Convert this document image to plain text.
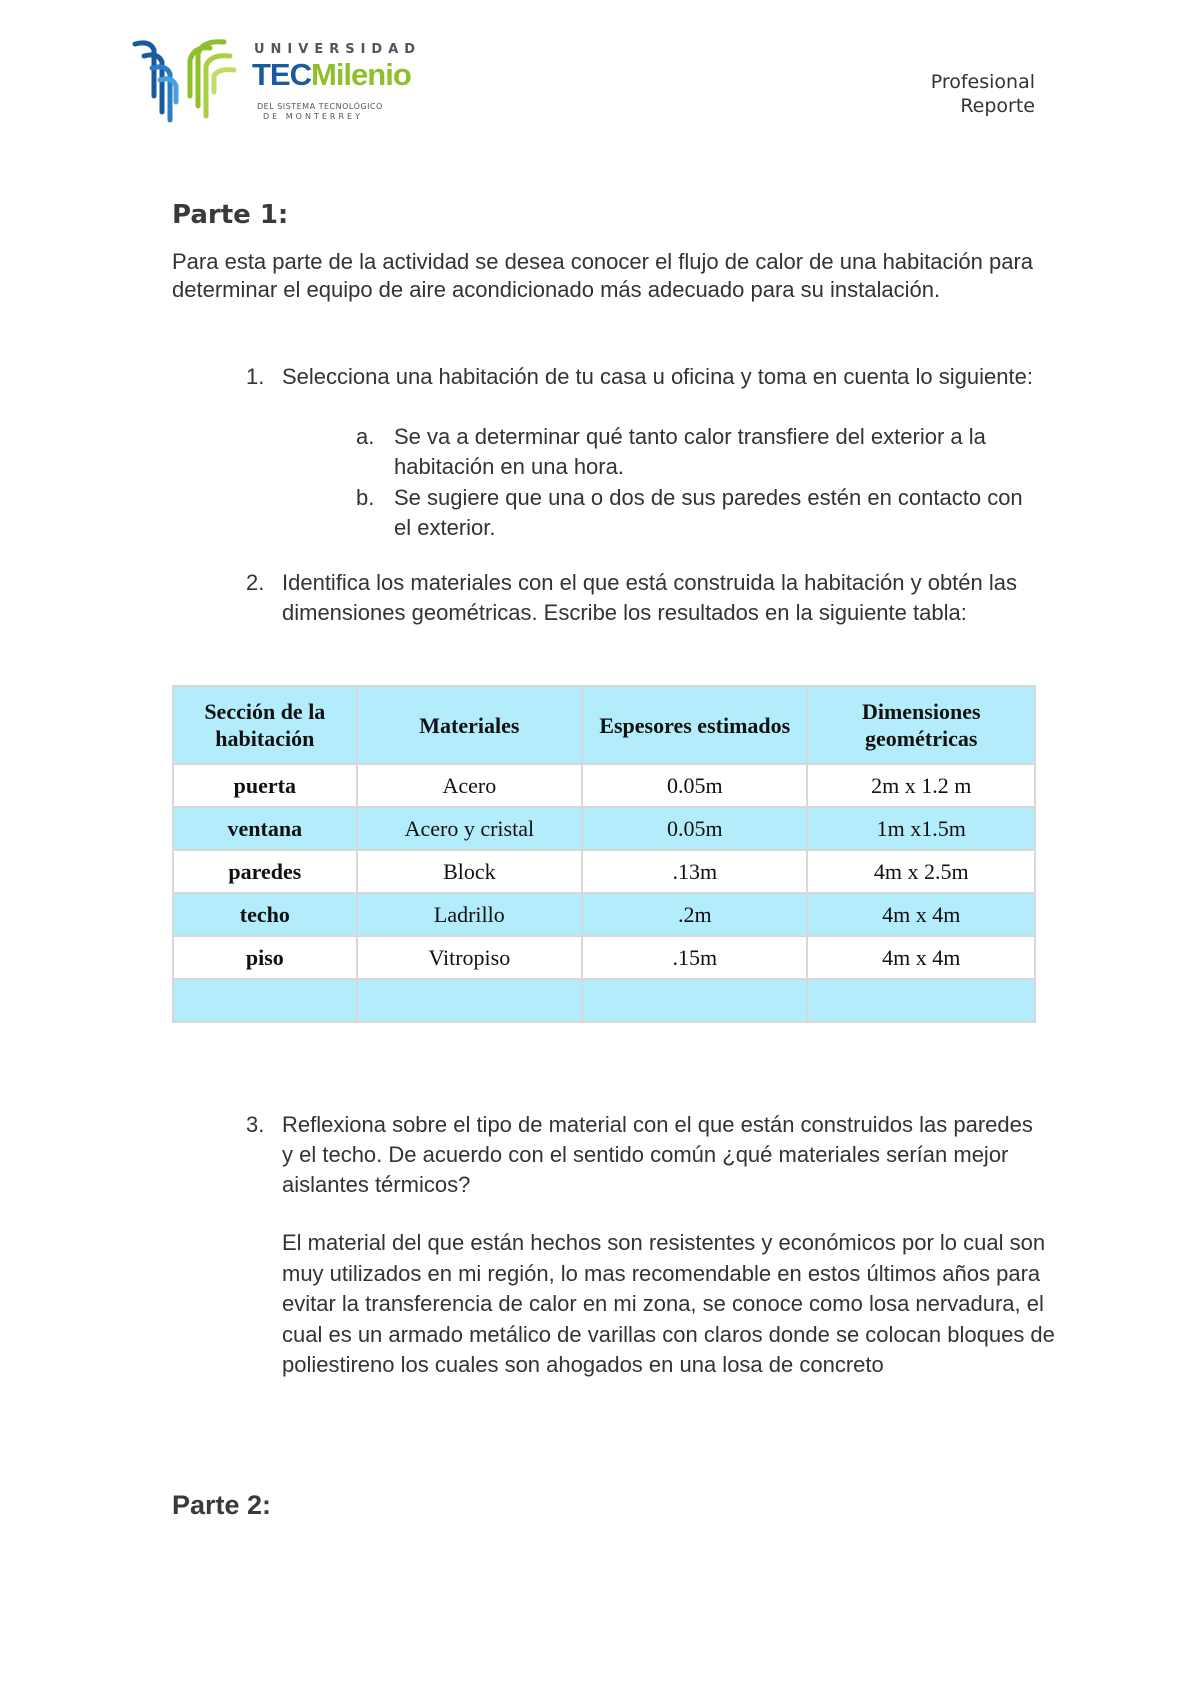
UNIVERSIDAD
TECMilenio
DEL SISTEMA TECNOLÓGICO
DE MONTERREY
Profesional
Reporte
Parte 1:
Para esta parte de la actividad se desea conocer el flujo de calor de una habitación para determinar el equipo de aire acondicionado más adecuado para su instalación.
1. Selecciona una habitación de tu casa u oficina y toma en cuenta lo siguiente:
a. Se va a determinar qué tanto calor transfiere del exterior a la habitación en una hora.
b. Se sugiere que una o dos de sus paredes estén en contacto con el exterior.
2. Identifica los materiales con el que está construida la habitación y obtén las dimensiones geométricas. Escribe los resultados en la siguiente tabla:
Sección de la habitación	Materiales	Espesores estimados	Dimensiones geométricas
puerta	Acero	0.05m	2m x 1.2 m
ventana	Acero y cristal	0.05m	1m x1.5m
paredes	Block	.13m	4m x 2.5m
techo	Ladrillo	.2m	4m x 4m
piso	Vitropiso	.15m	4m x 4m

3. Reflexiona sobre el tipo de material con el que están construidos las paredes y el techo. De acuerdo con el sentido común ¿qué materiales serían mejor aislantes térmicos?
El material del que están hechos son resistentes y económicos por lo cual son muy utilizados en mi región, lo mas recomendable en estos últimos años para evitar la transferencia de calor en mi zona, se conoce como losa nervadura, el cual es un armado metálico de varillas con claros donde se colocan bloques de poliestireno los cuales son ahogados en una losa de concreto
Parte 2:
